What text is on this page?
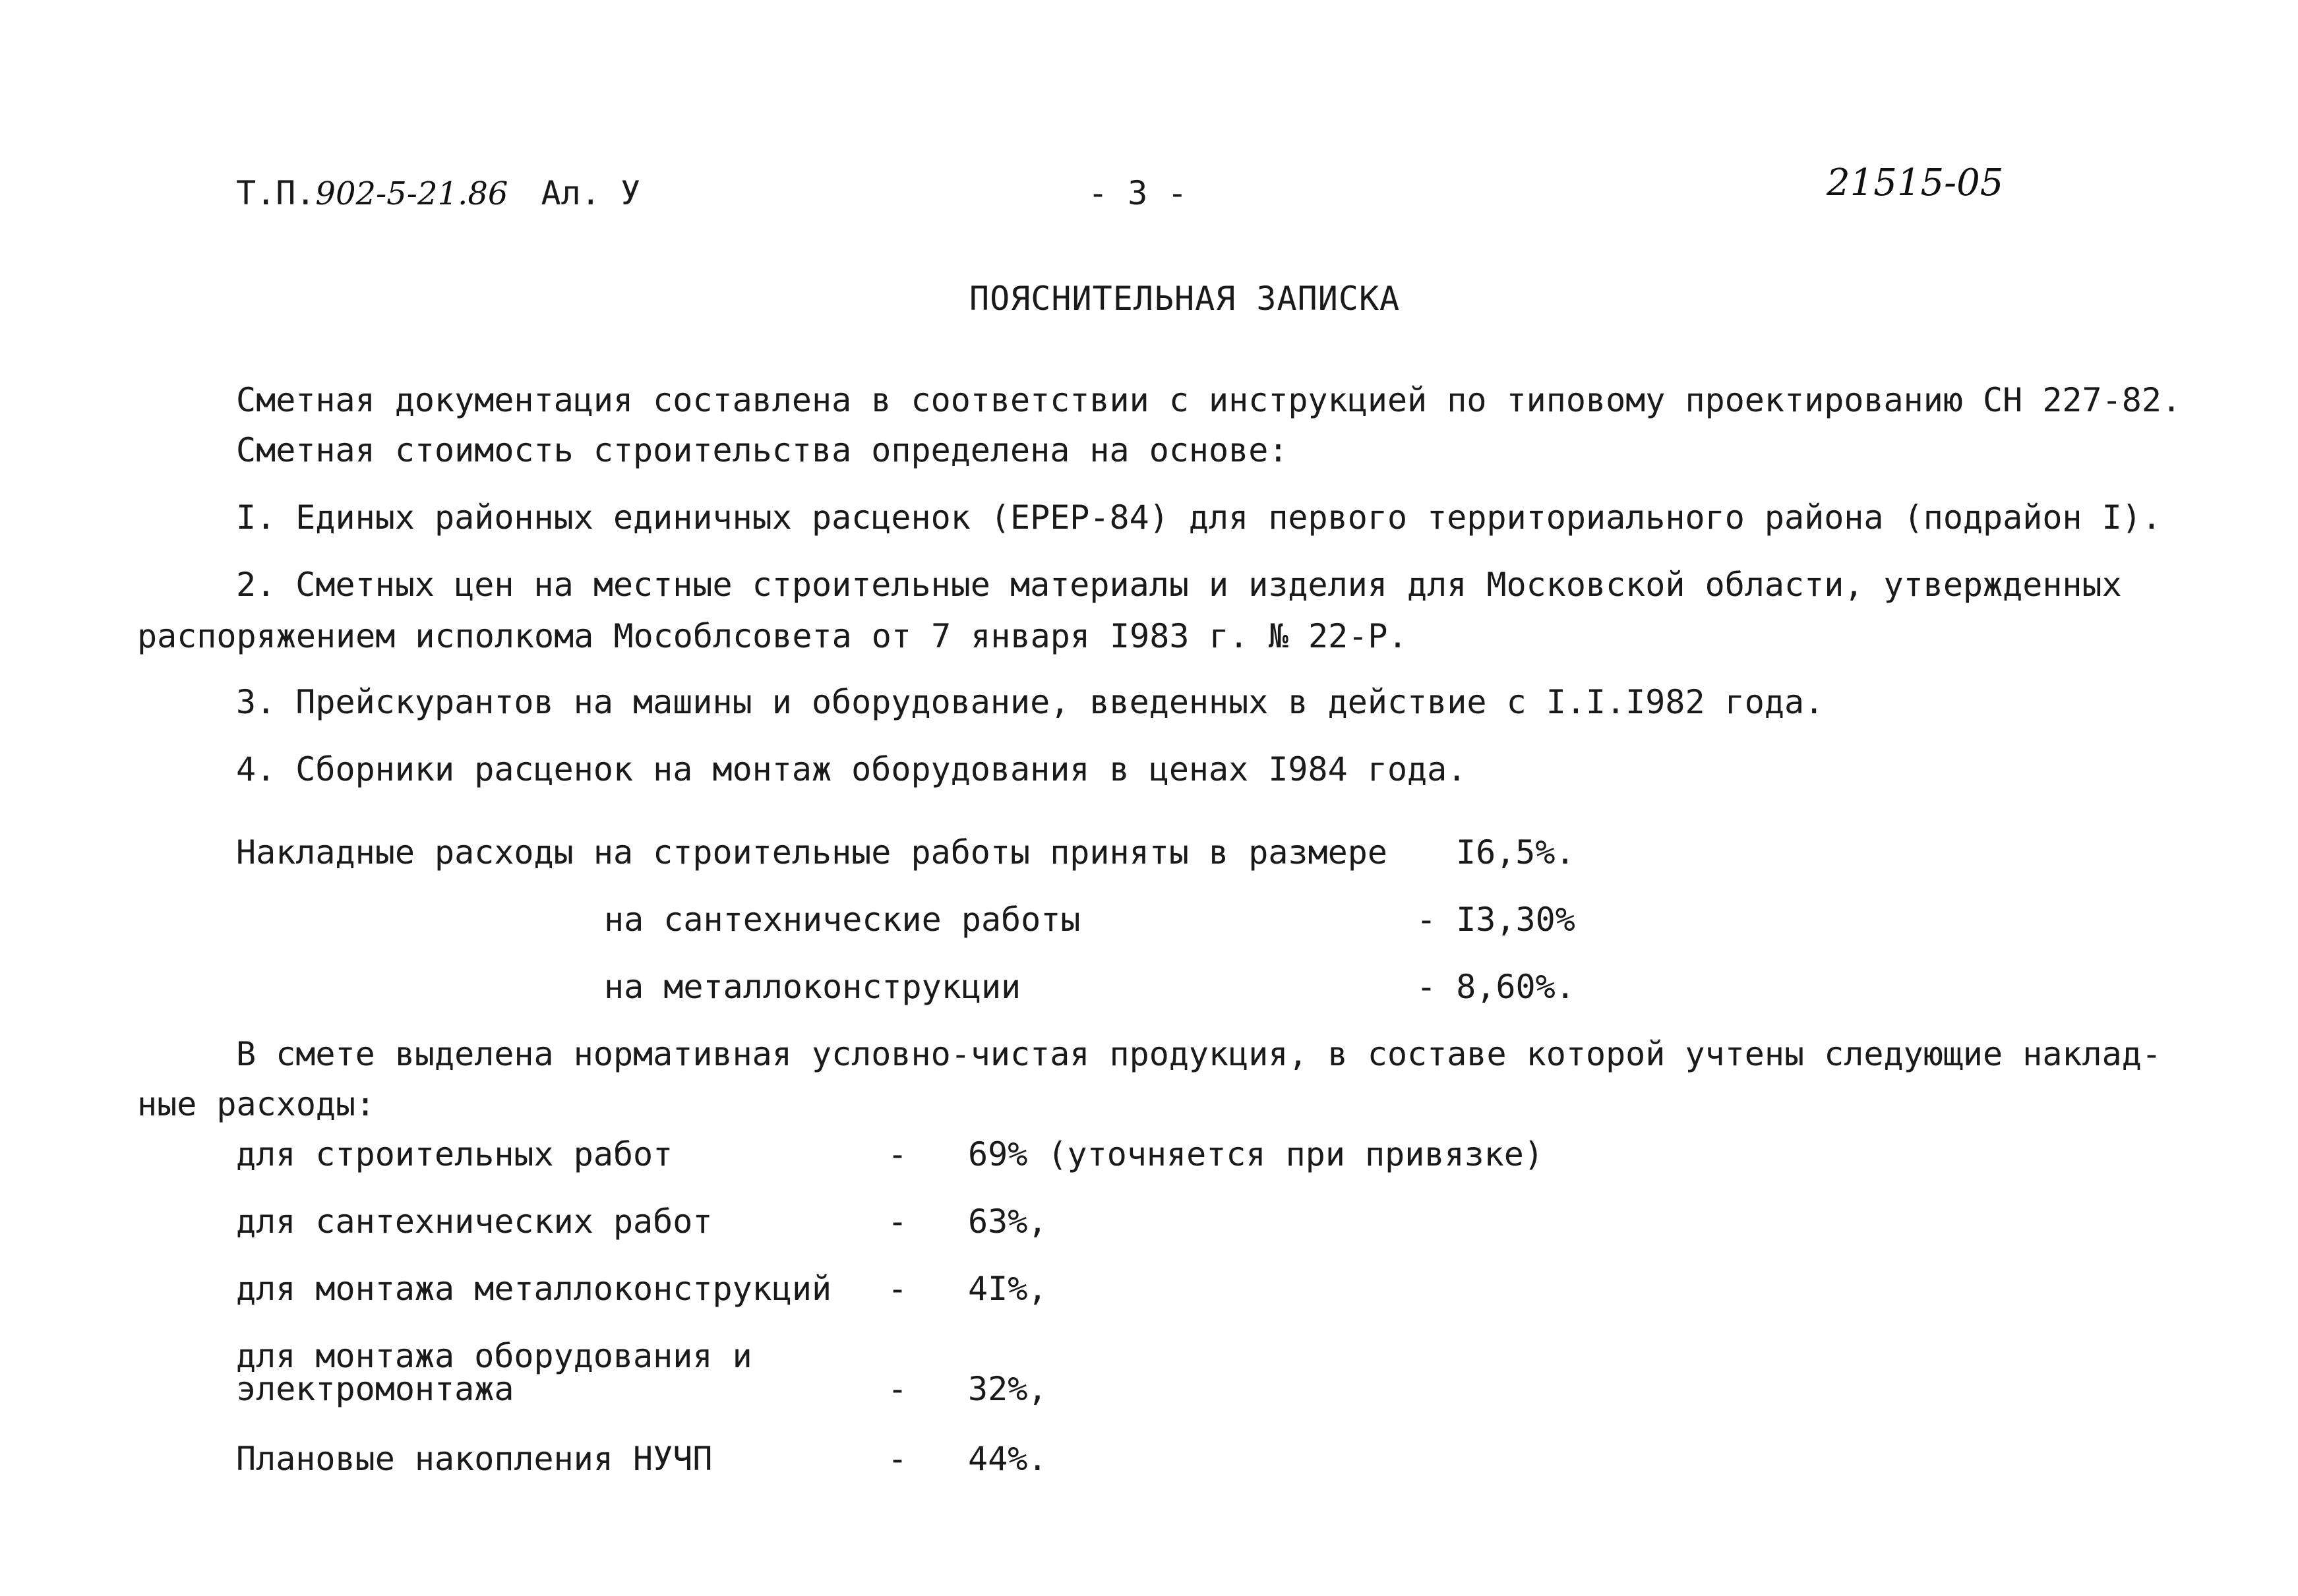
Т.П.902-5-21.86 Ал. У	- 3 -	21515-05
ПОЯСНИТЕЛЬНАЯ ЗАПИСКА
Сметная документация составлена в соответствии с инструкцией по типовому проектированию СН 227-82.
Сметная стоимость строительства определена на основе:
I. Единых районных единичных расценок (ЕРЕР-84) для первого территориального района (подрайон I).
2. Сметных цен на местные строительные материалы и изделия для Московской области, утвержденных
распоряжением исполкома Мособлсовета от 7 января I983 г. № 22-Р.
3. Прейскурантов на машины и оборудование, введенных в действие с I.I.I982 года.
4. Сборники расценок на монтаж оборудования в ценах I984 года.
Накладные расходы на строительные работы приняты в размере I6,5%.
на сантехнические работы	- I3,30%
на металлоконструкции	- 8,60%.
В смете выделена нормативная условно-чистая продукция, в составе которой учтены следующие наклад-
ные расходы:
для строительных работ	- 69% (уточняется при привязке)
для сантехнических работ	- 63%,
для монтажа металлоконструкций - 4I%,
для монтажа оборудования и
электромонтажа	- 32%,
Плановые накопления НУЧП	- 44%.
